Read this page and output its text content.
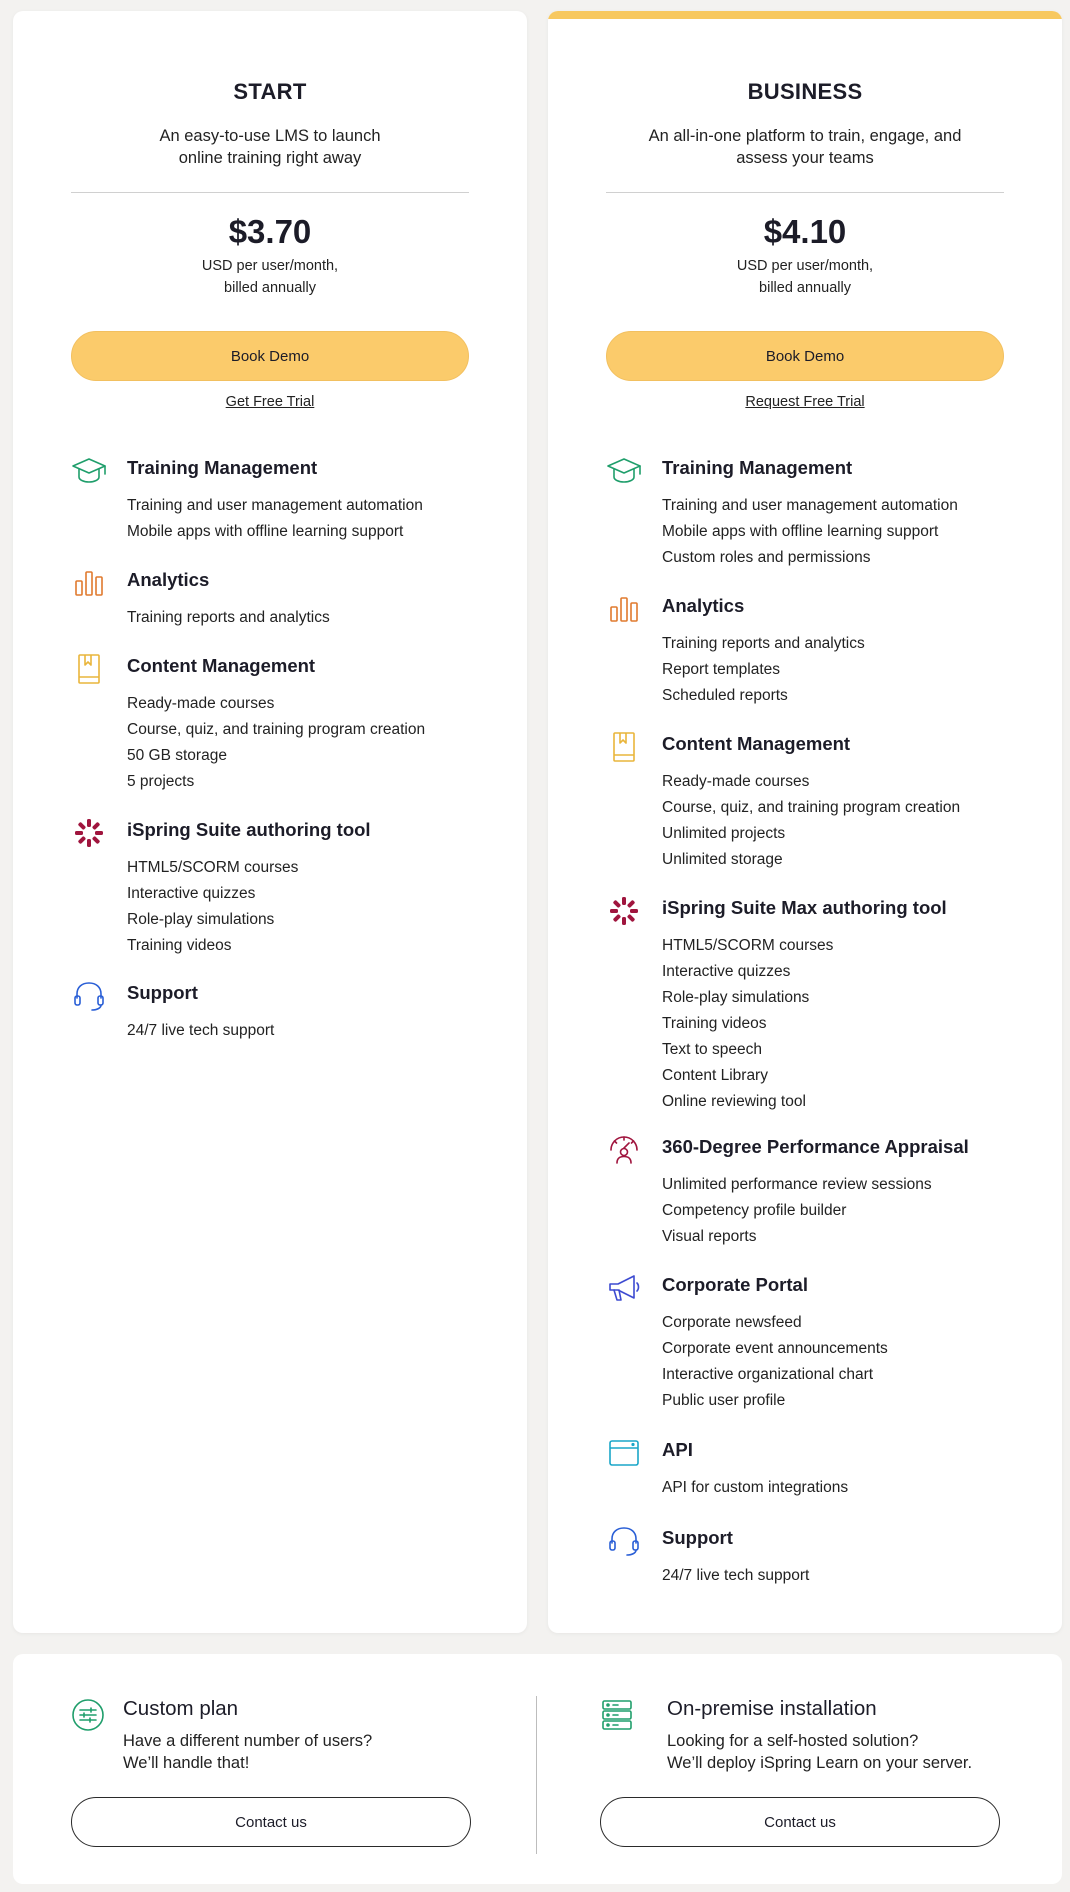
START
An easy-to-use LMS to launch
online training right away
$3.70
USD per user/month,
billed annually
Book Demo
Get Free Trial
Training Management
Training and user management automation
Mobile apps with offline learning support
Analytics
Training reports and analytics
Content Management
Ready-made courses
Course, quiz, and training program creation
50 GB storage
5 projects
iSpring Suite authoring tool
HTML5/SCORM courses
Interactive quizzes
Role-play simulations
Training videos
Support
24/7 live tech support
BUSINESS
An all-in-one platform to train, engage, and
assess your teams
$4.10
USD per user/month,
billed annually
Book Demo
Request Free Trial
Training Management
Training and user management automation
Mobile apps with offline learning support
Custom roles and permissions
Analytics
Training reports and analytics
Report templates
Scheduled reports
Content Management
Ready-made courses
Course, quiz, and training program creation
Unlimited projects
Unlimited storage
iSpring Suite Max authoring tool
HTML5/SCORM courses
Interactive quizzes
Role-play simulations
Training videos
Text to speech
Content Library
Online reviewing tool
360-Degree Performance Appraisal
Unlimited performance review sessions
Competency profile builder
Visual reports
Corporate Portal
Corporate newsfeed
Corporate event announcements
Interactive organizational chart
Public user profile
API
API for custom integrations
Support
24/7 live tech support
Custom plan
Have a different number of users?
We’ll handle that!
Contact us
On-premise installation
Looking for a self-hosted solution?
We’ll deploy iSpring Learn on your server.
Contact us
